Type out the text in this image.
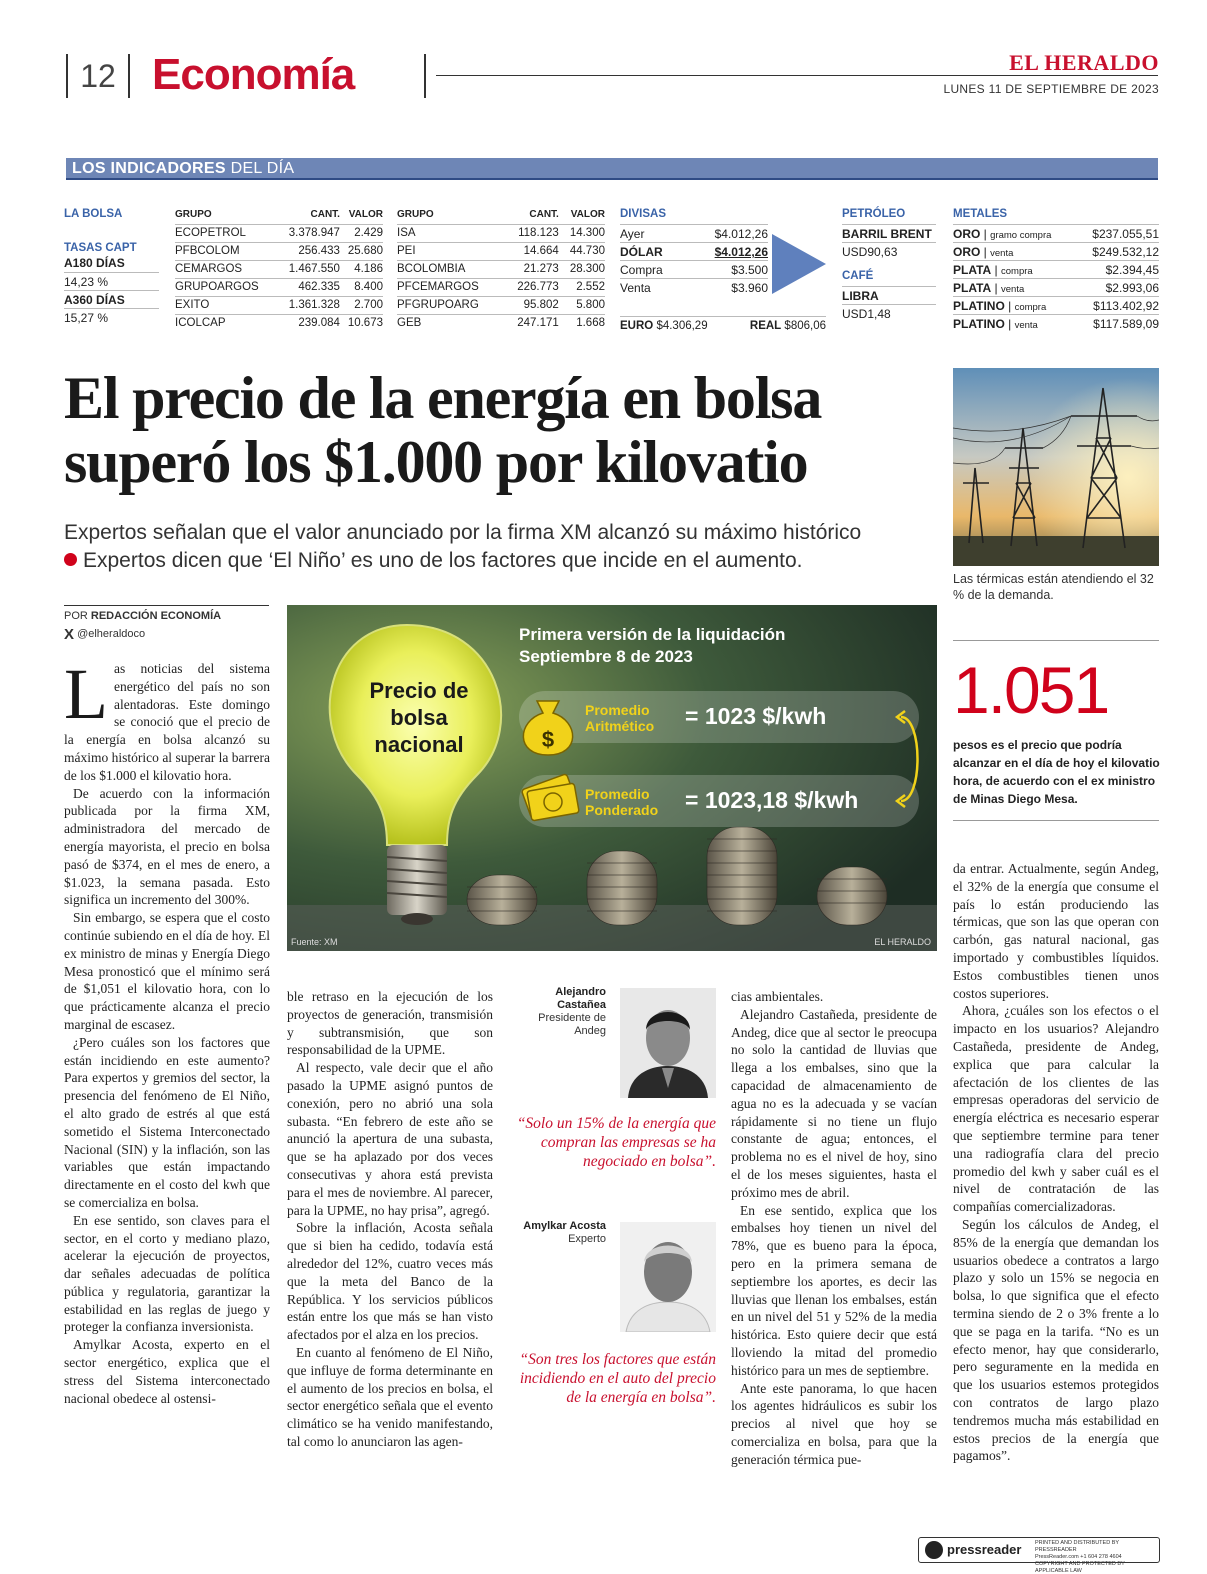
12 Economía	EL HERALDO
LUNES 11 DE SEPTIEMBRE DE 2023
LOS INDICADORES DEL DÍA
LA BOLSA
TASAS CAPT
A180 DÍAS
14,23 %
A360 DÍAS
15,27 %
GRUPO	CANT.	VALOR
ECOPETROL	3.378.947	2.429
PFBCOLOM	256.433	25.680
CEMARGOS	1.467.550	4.186
GRUPOARGOS	462.335	8.400
EXITO	1.361.328	2.700
ICOLCAP	239.084	10.673
GRUPO	CANT.	VALOR
ISA	118.123	14.300
PEI	14.664	44.730
BCOLOMBIA	21.273	28.300
PFCEMARGOS	226.773	2.552
PFGRUPOARG	95.802	5.800
GEB	247.171	1.668
DIVISAS
Ayer	$4.012,26
DÓLAR	$4.012,26
Compra	$3.500
Venta	$3.960
EURO $4.306,29	REAL $806,06
PETRÓLEO
BARRIL BRENT
USD90,63
CAFÉ
LIBRA
USD1,48
METALES
ORO | gramo compra	$237.055,51
ORO | venta	$249.532,12
PLATA | compra	$2.394,45
PLATA | venta	$2.993,06
PLATINO | compra	$113.402,92
PLATINO | venta	$117.589,09
El precio de la energía en bolsa
superó los $1.000 por kilovatio
Expertos señalan que el valor anunciado por la firma XM alcanzó su máximo histórico
Expertos dicen que ‘El Niño’ es uno de los factores que incide en el aumento.
Las térmicas están atendiendo el 32 % de la demanda.
POR REDACCIÓN ECONOMÍA
X @elheraldoco
$
Precio de
bolsa
nacional
Primera versión de la liquidación
Septiembre 8 de 2023
Promedio
Aritmético = 1023 $/kwh
Promedio
Ponderado = 1023,18 $/kwh
Fuente: XM	EL HERALDO
1.051
pesos es el precio que podría alcanzar en el día de hoy el kilovatio hora, de acuerdo con el ex ministro de Minas Diego Mesa.

Las noticias del sistema energético del país no son alentadoras. Este domingo se conoció que el precio de la energía en bolsa alcanzó su máximo histórico al superar la barrera de los $1.000 el kilovatio hora.

De acuerdo con la información publicada por la firma XM, administradora del mercado de energía mayorista, el precio en bolsa pasó de $374, en el mes de enero, a $1.023, la semana pasada. Esto significa un incremento del 300%.

Sin embargo, se espera que el costo continúe subiendo en el día de hoy. El ex ministro de minas y Energía Diego Mesa pronosticó que el mínimo será de $1,051 el kilovatio hora, con lo que prácticamente alcanza el precio marginal de escasez.

¿Pero cuáles son los factores que están incidiendo en este aumento? Para expertos y gremios del sector, la presencia del fenómeno de El Niño, el alto grado de estrés al que está sometido el Sistema Interconectado Nacional (SIN) y la inflación, son las variables que están impactando directamente en el costo del kwh que se comercializa en bolsa.

En ese sentido, son claves para el sector, en el corto y mediano plazo, acelerar la ejecución de proyectos, dar señales adecuadas de política pública y regulatoria, garantizar la estabilidad en las reglas de juego y proteger la confianza inversionista.

Amylkar Acosta, experto en el sector energético, explica que el stress del Sistema interconectado nacional obedece al ostensi-

ble retraso en la ejecución de los proyectos de generación, transmisión y subtransmisión, que son responsabilidad de la UPME.

Al respecto, vale decir que el año pasado la UPME asignó puntos de conexión, pero no abrió una sola subasta. “En febrero de este año se anunció la apertura de una subasta, que se ha aplazado por dos veces consecutivas y ahora está prevista para el mes de noviembre. Al parecer, para la UPME, no hay prisa”, agregó.

Sobre la inflación, Acosta señala que si bien ha cedido, todavía está alrededor del 12%, cuatro veces más que la meta del Banco de la República. Y los servicios públicos están entre los que más se han visto afectados por el alza en los precios.

En cuanto al fenómeno de El Niño, que influye de forma determinante en el aumento de los precios en bolsa, el sector energético señala que el evento climático se ha venido manifestando, tal como lo anunciaron las agen-

Alejandro Castañea
Presidente de Andeg
“Solo un 15% de la energía que compran las empresas se ha negociado en bolsa”.
Amylkar Acosta
Experto
“Son tres los factores que están incidiendo en el auto del precio de la energía en bolsa”.

cias ambientales.

Alejandro Castañeda, presidente de Andeg, dice que al sector le preocupa no solo la cantidad de lluvias que llega a los embalses, sino que la capacidad de almacenamiento de agua no es la adecuada y se vacían rápidamente si no tiene un flujo constante de agua; entonces, el problema no es el nivel de hoy, sino el de los meses siguientes, hasta el próximo mes de abril.

En ese sentido, explica que los embalses hoy tienen un nivel del 78%, que es bueno para la época, pero en la primera semana de septiembre los aportes, es decir las lluvias que llenan los embalses, están en un nivel del 51 y 52% de la media histórica. Esto quiere decir que está lloviendo la mitad del promedio histórico para un mes de septiembre.

Ante este panorama, lo que hacen los agentes hidráulicos es subir los precios al nivel que hoy se comercializa en bolsa, para que la generación térmica pue-

da entrar. Actualmente, según Andeg, el 32% de la energía que consume el país lo están produciendo las térmicas, que son las que operan con carbón, gas natural nacional, gas importado y combustibles líquidos. Estos combustibles tienen unos costos superiores.

Ahora, ¿cuáles son los efectos o el impacto en los usuarios? Alejandro Castañeda, presidente de Andeg, explica que para calcular la afectación de los clientes de las empresas operadoras del servicio de energía eléctrica es necesario esperar que septiembre termine para tener una radiografía clara del precio promedio del kwh y saber cuál es el nivel de contratación de las compañías comercializadoras.

Según los cálculos de Andeg, el 85% de la energía que demandan los usuarios obedece a contratos a largo plazo y solo un 15% se negocia en bolsa, lo que significa que el efecto termina siendo de 2 o 3% frente a lo que se paga en la tarifa. “No es un efecto menor, hay que considerarlo, pero seguramente en la medida en que los usuarios estemos protegidos con contratos de largo plazo tendremos mucha más estabilidad en estos precios de la energía que pagamos”.

pressreader PRINTED AND DISTRIBUTED BY PRESSREADER
PressReader.com +1 604 278 4604
COPYRIGHT AND PROTECTED BY APPLICABLE LAW
